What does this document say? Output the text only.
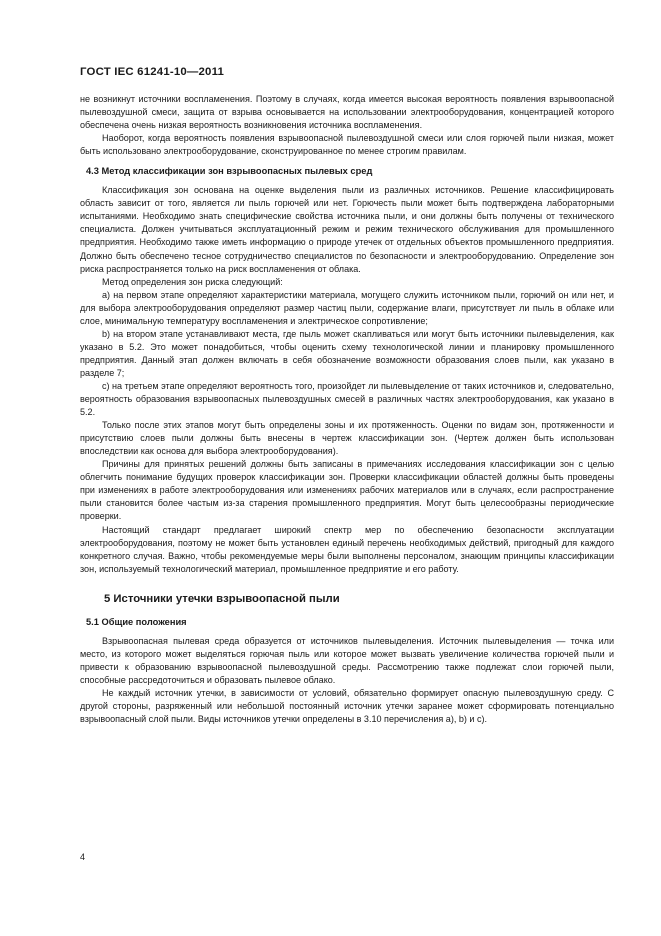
ГОСТ IEC 61241-10—2011

не возникнут источники воспламенения. Поэтому в случаях, когда имеется высокая вероятность появления взрывоопасной пылевоздушной смеси, защита от взрыва основывается на использовании электрооборудования, концентрацией которого обеспечена очень низкая вероятность возникновения источника воспламенения.

Наоборот, когда вероятность появления взрывоопасной пылевоздушной смеси или слоя горючей пыли низкая, может быть использовано электрооборудование, сконструированное по менее строгим правилам.

4.3 Метод классификации зон взрывоопасных пылевых сред

Классификация зон основана на оценке выделения пыли из различных источников. Решение классифицировать область зависит от того, является ли пыль горючей или нет. Горючесть пыли может быть подтверждена лабораторными испытаниями. Необходимо знать специфические свойства источника пыли, и они должны быть получены от технического специалиста. Должен учитываться эксплуатационный режим и режим технического обслуживания для промышленного предприятия. Необходимо также иметь информацию о природе утечек от отдельных объектов промышленного предприятия. Должно быть обеспечено тесное сотрудничество специалистов по безопасности и электрооборудованию. Определение зон риска распространяется только на риск воспламенения от облака.

Метод определения зон риска следующий:

a) на первом этапе определяют характеристики материала, могущего служить источником пыли, горючий он или нет, и для выбора электрооборудования определяют размер частиц пыли, содержание влаги, присутствует ли пыль в облаке или слое, минимальную температуру воспламенения и электрическое сопротивление;

b) на втором этапе устанавливают места, где пыль может скапливаться или могут быть источники пылевыделения, как указано в 5.2. Это может понадобиться, чтобы оценить схему технологической линии и планировку промышленного предприятия. Данный этап должен включать в себя обозначение возможности образования слоев пыли, как указано в разделе 7;

c) на третьем этапе определяют вероятность того, произойдет ли пылевыделение от таких источников и, следовательно, вероятность образования взрывоопасных пылевоздушных смесей в различных частях электрооборудования, как указано в 5.2.

Только после этих этапов могут быть определены зоны и их протяженность. Оценки по видам зон, протяженности и присутствию слоев пыли должны быть внесены в чертеж классификации зон. (Чертеж должен быть использован впоследствии как основа для выбора электрооборудования).

Причины для принятых решений должны быть записаны в примечаниях исследования классификации зон с целью облегчить понимание будущих проверок классификации зон. Проверки классификации областей должны быть проведены при изменениях в работе электрооборудования или изменениях рабочих материалов или в случаях, если распространение пыли становится более частым из-за старения промышленного предприятия. Могут быть целесообразны периодические проверки.

Настоящий стандарт предлагает широкий спектр мер по обеспечению безопасности эксплуатации электрооборудования, поэтому не может быть установлен единый перечень необходимых действий, пригодный для каждого конкретного случая. Важно, чтобы рекомендуемые меры были выполнены персоналом, знающим принципы классификации зон, используемый технологический материал, промышленное предприятие и его работу.

5 Источники утечки взрывоопасной пыли
5.1 Общие положения

Взрывоопасная пылевая среда образуется от источников пылевыделения. Источник пылевыделения — точка или место, из которого может выделяться горючая пыль или которое может вызвать увеличение количества горючей пыли и привести к образованию взрывоопасной пылевоздушной среды. Рассмотрению также подлежат слои горючей пыли, способные рассредоточиться и образовать пылевое облако.

Не каждый источник утечки, в зависимости от условий, обязательно формирует опасную пылевоздушную среду. С другой стороны, разряженный или небольшой постоянный источник утечки заранее может сформировать потенциально взрывоопасный слой пыли. Виды источников утечки определены в 3.10 перечисления a), b) и c).

4
